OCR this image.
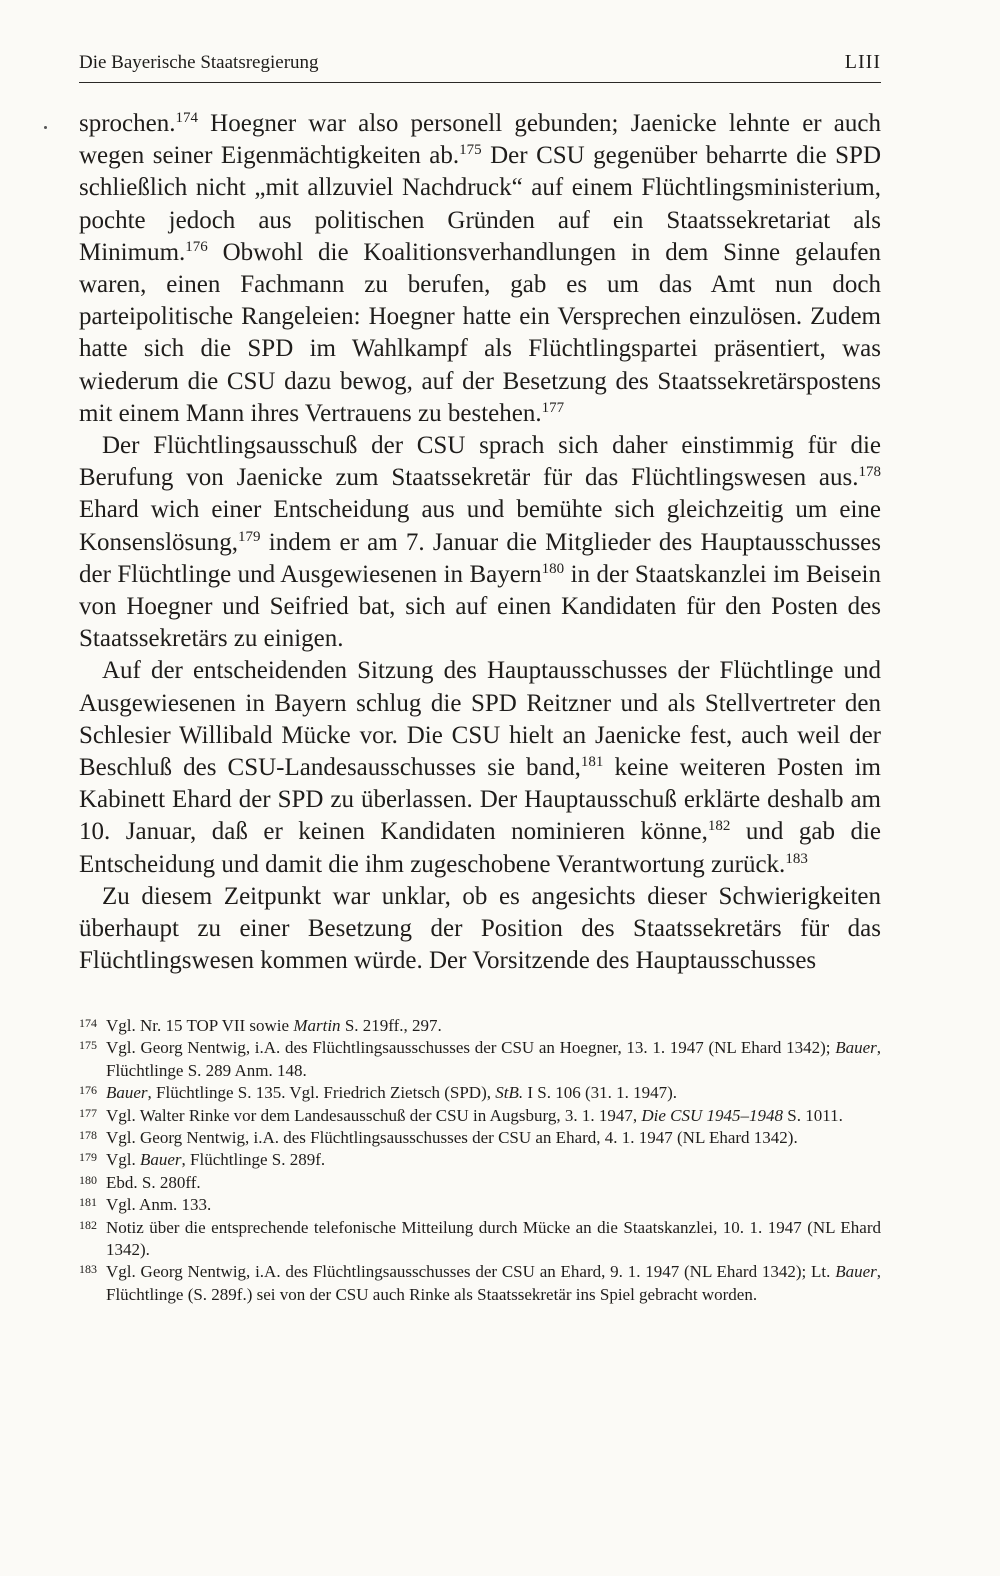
Die Bayerische Staatsregierung	LIII

sprochen.$^{174}$ Hoegner war also personell gebunden; Jaenicke lehnte er auch wegen seiner Eigenmächtigkeiten ab.$^{175}$ Der CSU gegenüber beharrte die SPD schließlich nicht „mit allzuviel Nachdruck“ auf einem Flüchtlingsministerium, pochte jedoch aus politischen Gründen auf ein Staatssekretariat als Minimum.$^{176}$ Obwohl die Koalitionsverhandlungen in dem Sinne gelaufen waren, einen Fachmann zu berufen, gab es um das Amt nun doch parteipolitische Rangeleien: Hoegner hatte ein Versprechen einzulösen. Zudem hatte sich die SPD im Wahlkampf als Flüchtlingspartei präsentiert, was wiederum die CSU dazu bewog, auf der Besetzung des Staatssekretärspostens mit einem Mann ihres Vertrauens zu bestehen.$^{177}$

Der Flüchtlingsausschuß der CSU sprach sich daher einstimmig für die Berufung von Jaenicke zum Staatssekretär für das Flüchtlingswesen aus.$^{178}$ Ehard wich einer Entscheidung aus und bemühte sich gleichzeitig um eine Konsenslösung,$^{179}$ indem er am 7. Januar die Mitglieder des Hauptausschusses der Flüchtlinge und Ausgewiesenen in Bayern$^{180}$ in der Staatskanzlei im Beisein von Hoegner und Seifried bat, sich auf einen Kandidaten für den Posten des Staatssekretärs zu einigen.

Auf der entscheidenden Sitzung des Hauptausschusses der Flüchtlinge und Ausgewiesenen in Bayern schlug die SPD Reitzner und als Stellvertreter den Schlesier Willibald Mücke vor. Die CSU hielt an Jaenicke fest, auch weil der Beschluß des CSU-Landesausschusses sie band,$^{181}$ keine weiteren Posten im Kabinett Ehard der SPD zu überlassen. Der Hauptausschuß erklärte deshalb am 10. Januar, daß er keinen Kandidaten nominieren könne,$^{182}$ und gab die Entscheidung und damit die ihm zugeschobene Verantwortung zurück.$^{183}$

Zu diesem Zeitpunkt war unklar, ob es angesichts dieser Schwierigkeiten überhaupt zu einer Besetzung der Position des Staatssekretärs für das Flüchtlingswesen kommen würde. Der Vorsitzende des Hauptausschusses

174 Vgl. Nr. 15 TOP VII sowie Martin S. 219ff., 297.

175 Vgl. Georg Nentwig, i.A. des Flüchtlingsausschusses der CSU an Hoegner, 13. 1. 1947 (NL Ehard 1342); Bauer, Flüchtlinge S. 289 Anm. 148.

176 Bauer, Flüchtlinge S. 135. Vgl. Friedrich Zietsch (SPD), StB. I S. 106 (31. 1. 1947).

177 Vgl. Walter Rinke vor dem Landesausschuß der CSU in Augsburg, 3. 1. 1947, Die CSU 1945–1948 S. 1011.

178 Vgl. Georg Nentwig, i.A. des Flüchtlingsausschusses der CSU an Ehard, 4. 1. 1947 (NL Ehard 1342).

179 Vgl. Bauer, Flüchtlinge S. 289f.

180 Ebd. S. 280ff.

181 Vgl. Anm. 133.

182 Notiz über die entsprechende telefonische Mitteilung durch Mücke an die Staatskanzlei, 10. 1. 1947 (NL Ehard 1342).

183 Vgl. Georg Nentwig, i.A. des Flüchtlingsausschusses der CSU an Ehard, 9. 1. 1947 (NL Ehard 1342); Lt. Bauer, Flüchtlinge (S. 289f.) sei von der CSU auch Rinke als Staatssekretär ins Spiel gebracht worden.
